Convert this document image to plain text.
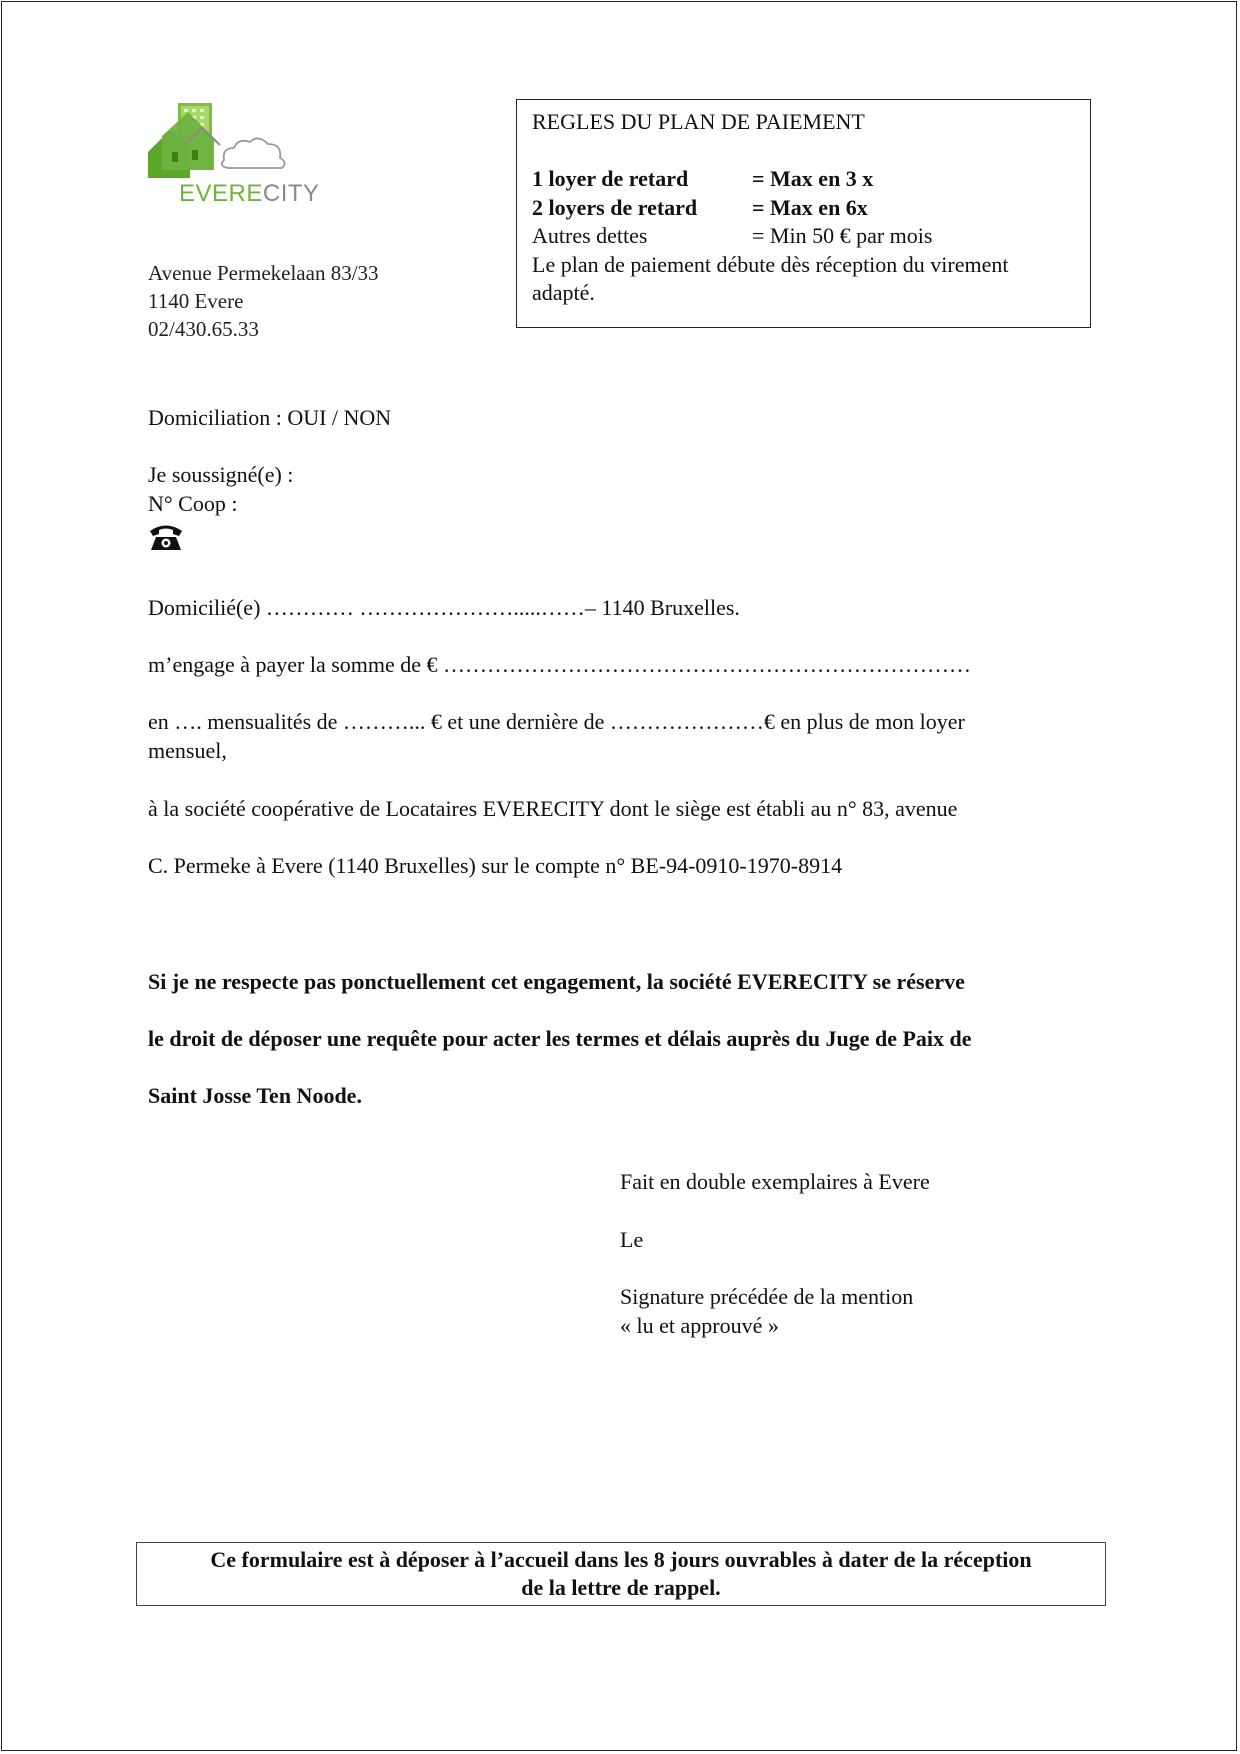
EVERECITY
Avenue Permekelaan 83/33
1140 Evere
02/430.65.33
REGLES DU PLAN DE PAIEMENT
1 loyer de retard	= Max en 3 x
2 loyers de retard = Max en 6x
Autres dettes	= Min 50 € par mois
Le plan de paiement débute dès réception du virement
adapté.

Domiciliation : OUI / NON

Je soussigné(e) :

N° Coop :

Domicilié(e) ………… ………………….....……– 1140 Bruxelles.

m’engage à payer la somme de € ………………………………………………………………

en …. mensualités de ………... € et une dernière de …………………€ en plus de mon loyer

mensuel,

à la société coopérative de Locataires EVERECITY dont le siège est établi au n° 83, avenue

C. Permeke à Evere (1140 Bruxelles) sur le compte n° BE-94-0910-1970-8914

Si je ne respecte pas ponctuellement cet engagement, la société EVERECITY se réserve

le droit de déposer une requête pour acter les termes et délais auprès du Juge de Paix de

Saint Josse Ten Noode.

Fait en double exemplaires à Evere

Le

Signature précédée de la mention

« lu et approuvé »

Ce formulaire est à déposer à l’accueil dans les 8 jours ouvrables à dater de la réception
de la lettre de rappel.
